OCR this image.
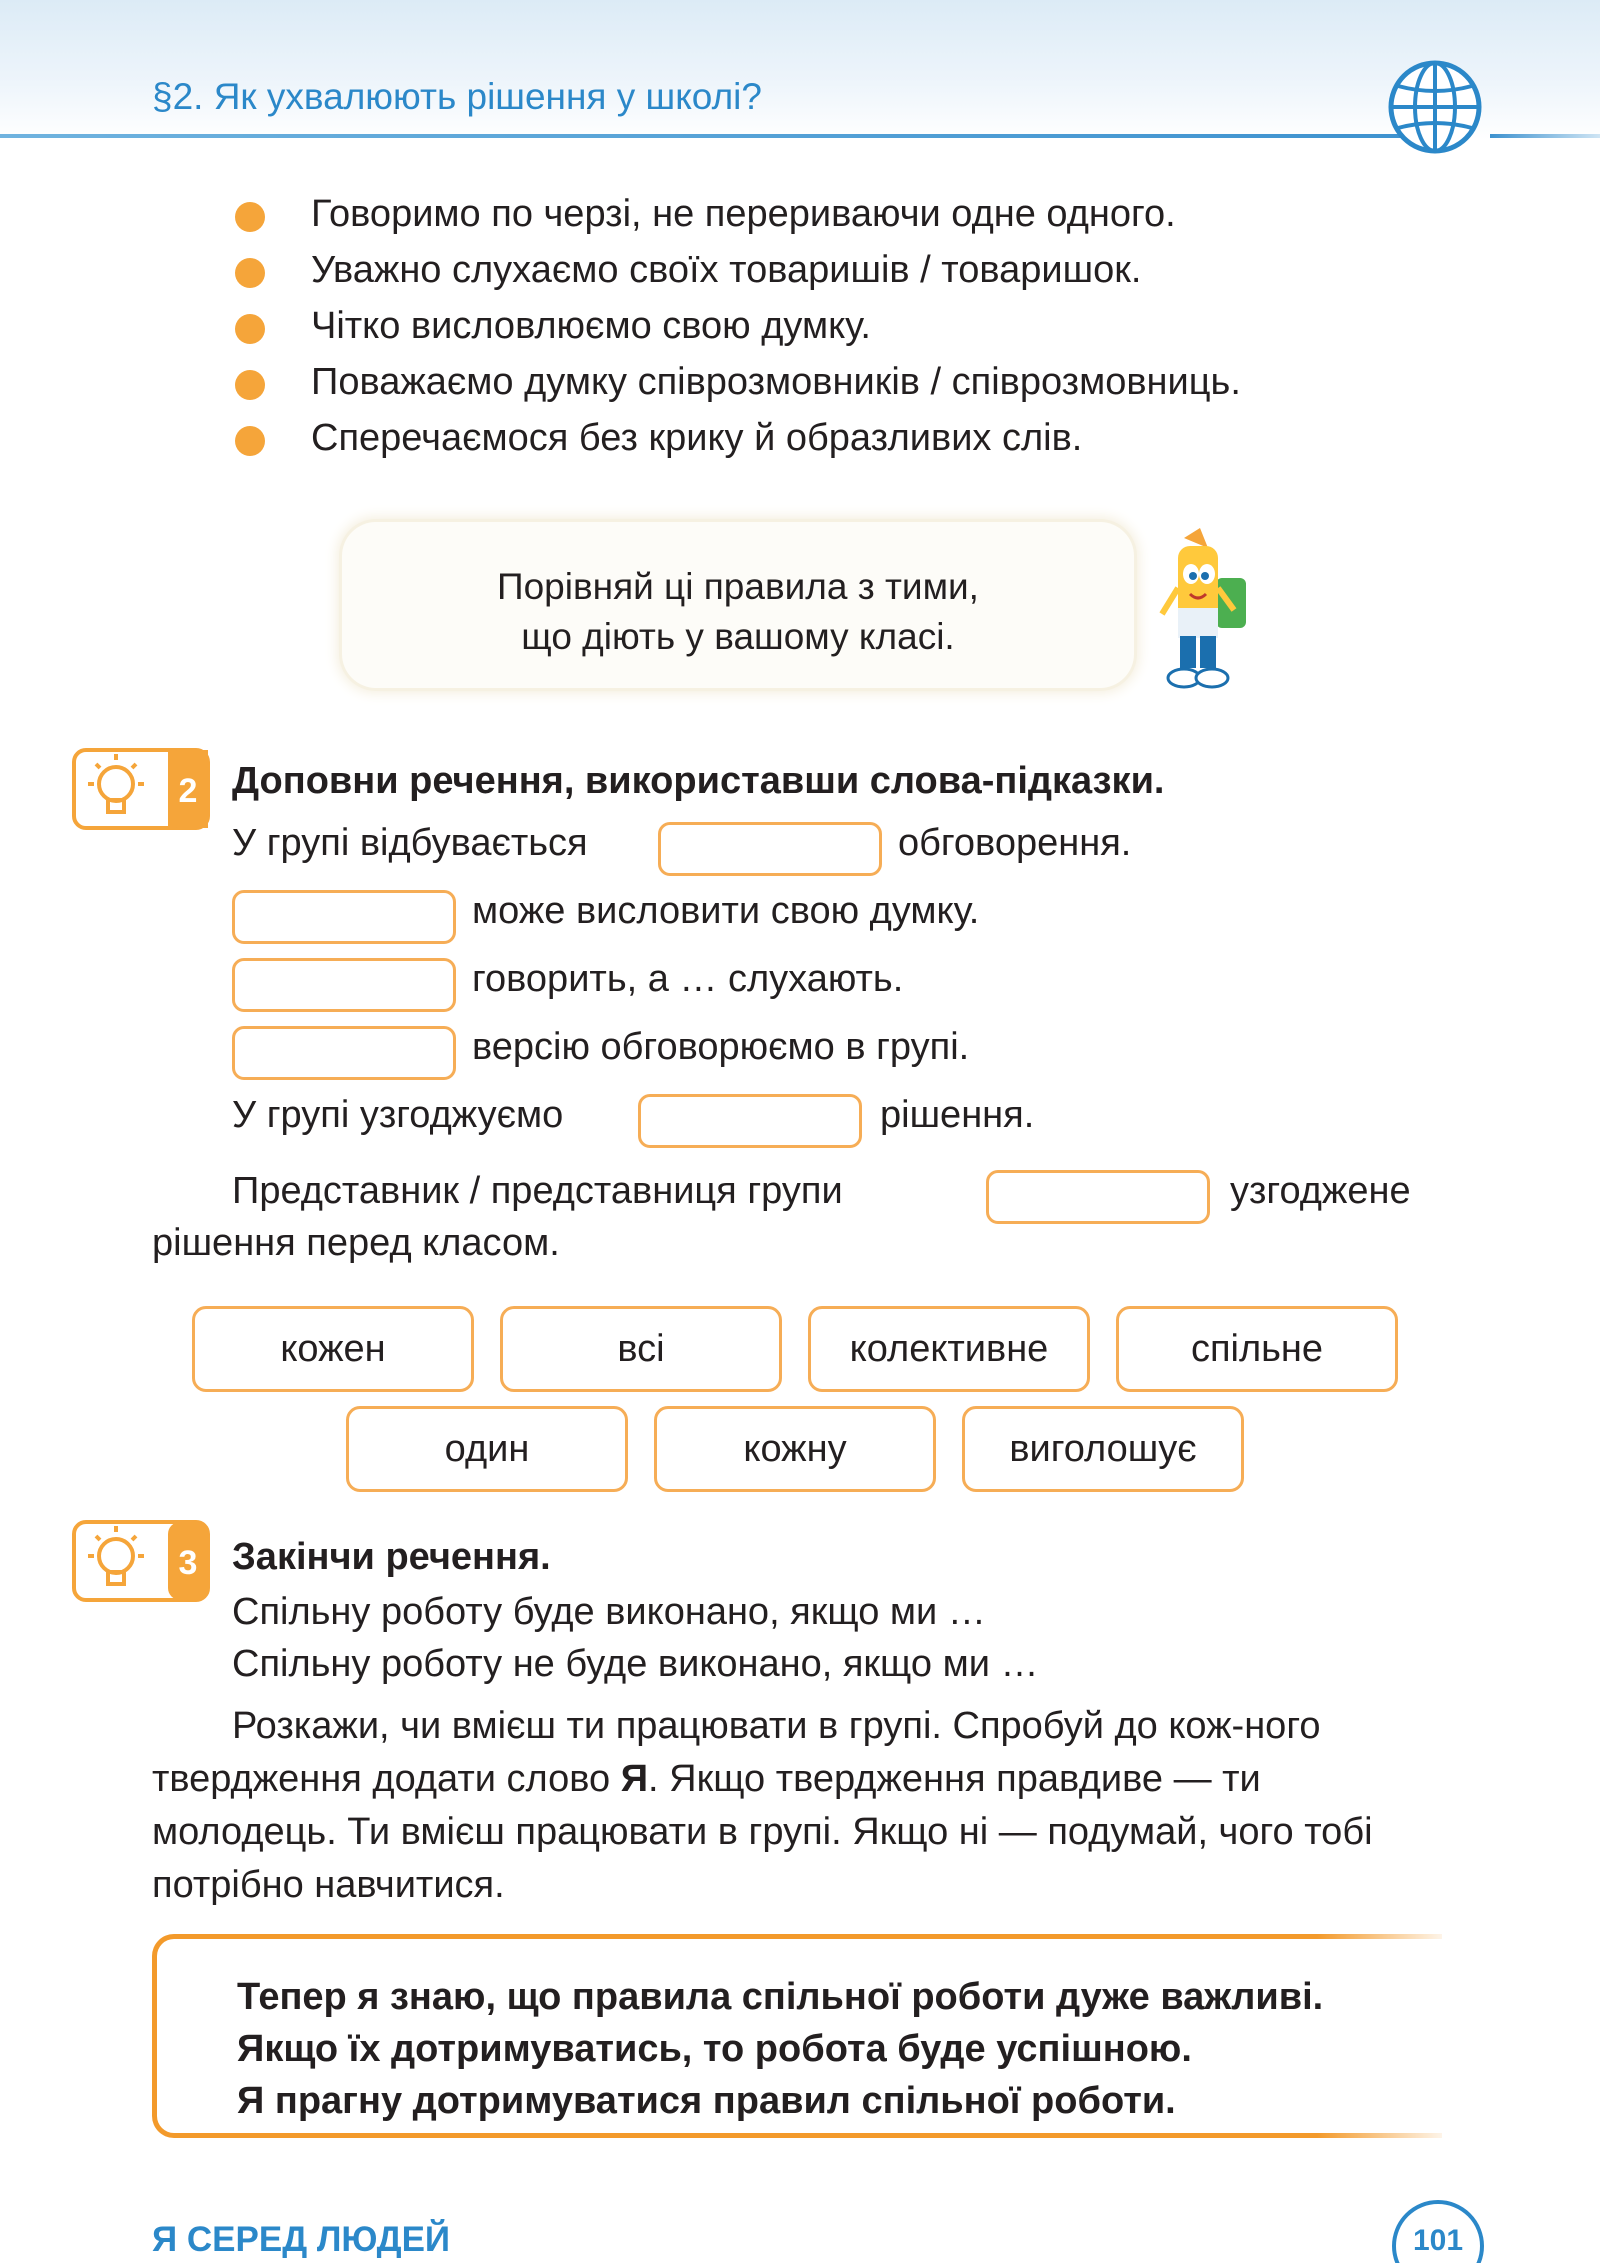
§2. Як ухвалюють рішення у школі?
Говоримо по черзі, не перериваючи одне одного.
Уважно слухаємо своїх товаришів / товаришок.
Чітко висловлюємо свою думку.
Поважаємо думку співрозмовників / співрозмовниць.
Сперечаємося без крику й образливих слів.
Порівняй ці правила з тими,
що діють у вашому класі.
2 Доповни речення, використавши слова-підказки.
У групі відбувається	обговорення.
може висловити свою думку.
говорить, а … слухають.
версію обговорюємо в групі.
У групі узгоджуємо	рішення.
Представник / представниця групи	узгоджене
рішення перед класом.
кожен	всі	колективне	спільне
один	кожну	виголошує
3 Закінчи речення.
Спільну роботу буде виконано, якщо ми …
Спільну роботу не буде виконано, якщо ми …
Розкажи, чи вмієш ти працювати в групі. Спробуй до кож-ного твердження додати слово Я. Якщо твердження правдиве — ти молодець. Ти вмієш працювати в групі. Якщо ні — подумай, чого тобі потрібно навчитися.
Тепер я знаю, що правила спільної роботи дуже важливі.
Якщо їх дотримуватись, то робота буде успішною.
Я прагну дотримуватися правил спільної роботи.
Я СЕРЕД ЛЮДЕЙ	101
